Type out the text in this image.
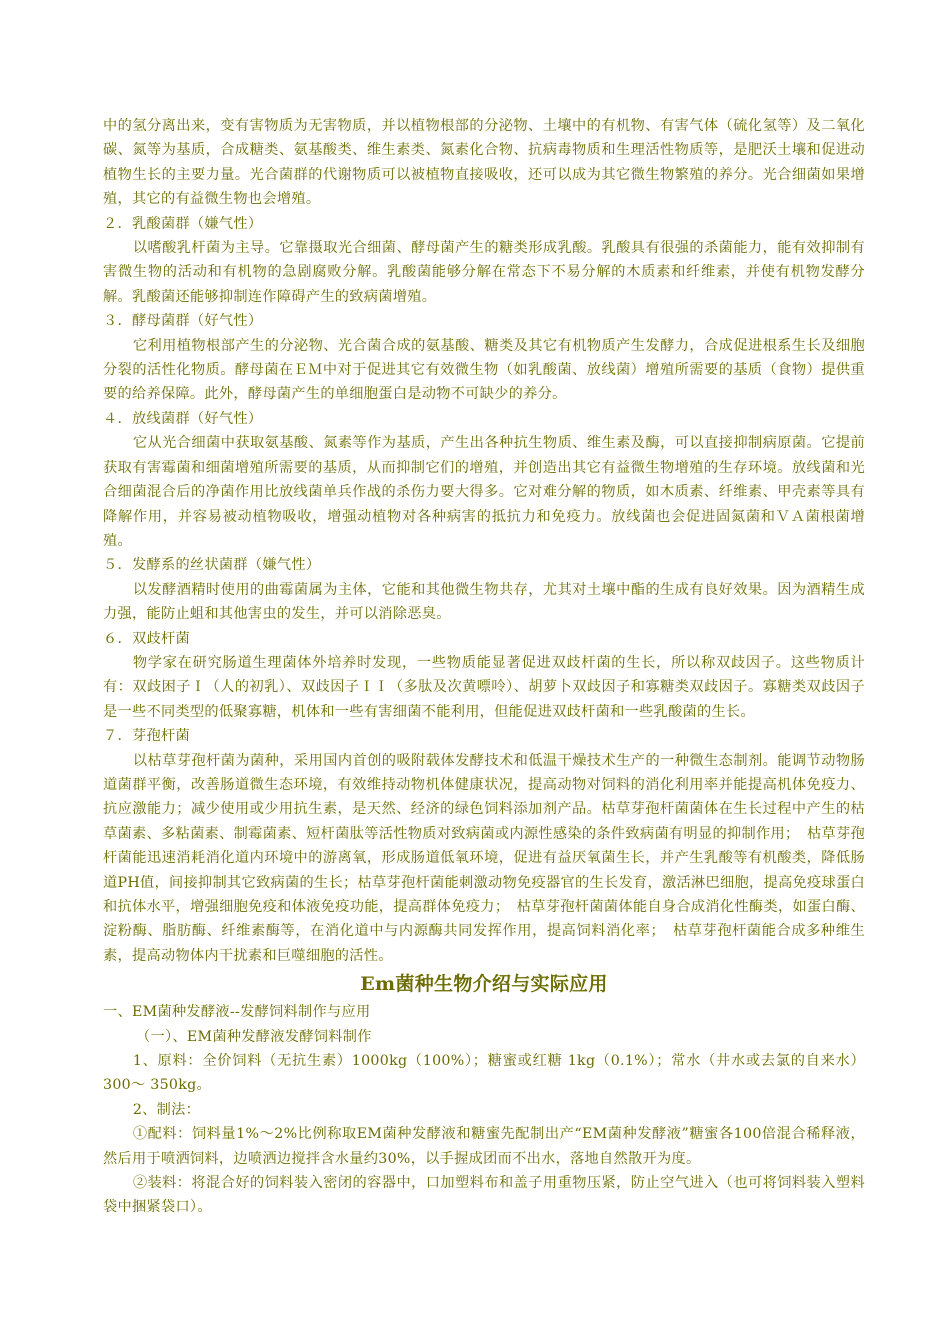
中的氢分离出来，变有害物质为无害物质，并以植物根部的分泌物、土壤中的有机物、有害气体（硫化氢等）及二氧化碳、氮等为基质，合成糖类、氨基酸类、维生素类、氮素化合物、抗病毒物质和生理活性物质等，是肥沃土壤和促进动植物生长的主要力量。光合菌群的代谢物质可以被植物直接吸收，还可以成为其它微生物繁殖的养分。光合细菌如果增殖，其它的有益微生物也会增殖。

２．乳酸菌群（嫌气性）

以嗜酸乳杆菌为主导。它靠摄取光合细菌、酵母菌产生的糖类形成乳酸。乳酸具有很强的杀菌能力，能有效抑制有害微生物的活动和有机物的急剧腐败分解。乳酸菌能够分解在常态下不易分解的木质素和纤维素，并使有机物发酵分解。乳酸菌还能够抑制连作障碍产生的致病菌增殖。

３．酵母菌群（好气性）

它利用植物根部产生的分泌物、光合菌合成的氨基酸、糖类及其它有机物质产生发酵力，合成促进根系生长及细胞分裂的活性化物质。酵母菌在ＥＭ中对于促进其它有效微生物（如乳酸菌、放线菌）增殖所需要的基质（食物）提供重要的给养保障。此外，酵母菌产生的单细胞蛋白是动物不可缺少的养分。

４．放线菌群（好气性）

它从光合细菌中获取氨基酸、氮素等作为基质，产生出各种抗生物质、维生素及酶，可以直接抑制病原菌。它提前获取有害霉菌和细菌增殖所需要的基质，从而抑制它们的增殖，并创造出其它有益微生物增殖的生存环境。放线菌和光合细菌混合后的净菌作用比放线菌单兵作战的杀伤力要大得多。它对难分解的物质，如木质素、纤维素、甲壳素等具有降解作用，并容易被动植物吸收，增强动植物对各种病害的抵抗力和免疫力。放线菌也会促进固氮菌和ＶＡ菌根菌增殖。

５．发酵系的丝状菌群（嫌气性）

以发酵酒精时使用的曲霉菌属为主体，它能和其他微生物共存，尤其对土壤中酯的生成有良好效果。因为酒精生成力强，能防止蛆和其他害虫的发生，并可以消除恶臭。

６．双歧杆菌

物学家在研究肠道生理菌体外培养时发现，一些物质能显著促进双歧杆菌的生长，所以称双歧因子。这些物质计有：双歧困子Ｉ（人的初乳）、双歧因子ＩＩ（多肽及次黄嘌呤）、胡萝卜双歧因子和寡糖类双歧因子。寡糖类双歧因子是一些不同类型的低聚寡糖，机体和一些有害细菌不能利用，但能促进双歧杆菌和一些乳酸菌的生长。

７．芽孢杆菌

以枯草芽孢杆菌为菌种，采用国内首创的吸附载体发酵技术和低温干燥技术生产的一种微生态制剂。能调节动物肠道菌群平衡，改善肠道微生态环境，有效维持动物机体健康状况，提高动物对饲料的消化利用率并能提高机体免疫力、抗应激能力；减少使用或少用抗生素，是天然、经济的绿色饲料添加剂产品。枯草芽孢杆菌菌体在生长过程中产生的枯草菌素、多粘菌素、制霉菌素、短杆菌肽等活性物质对致病菌或内源性感染的条件致病菌有明显的抑制作用；　枯草芽孢杆菌能迅速消耗消化道内环境中的游离氧，形成肠道低氧环境，促进有益厌氧菌生长，并产生乳酸等有机酸类，降低肠道PH值，间接抑制其它致病菌的生长；枯草芽孢杆菌能刺激动物免疫器官的生长发育，激活淋巴细胞，提高免疫球蛋白和抗体水平，增强细胞免疫和体液免疫功能，提高群体免疫力；　枯草芽孢杆菌菌体能自身合成消化性酶类，如蛋白酶、淀粉酶、脂肪酶、纤维素酶等，在消化道中与内源酶共同发挥作用，提高饲料消化率；　枯草芽孢杆菌能合成多种维生素，提高动物体内干扰素和巨噬细胞的活性。

Em菌种生物介绍与实际应用

一、EM菌种发酵液--发酵饲料制作与应用

（一）、EM菌种发酵液发酵饲料制作

1、原料：全价饲料（无抗生素）1000kg（100%）；糖蜜或红糖 1kg（0.1%）；常水（井水或去氯的自来水）300～ 350kg。

2、制法：

①配料：饲料量1%～2%比例称取EM菌种发酵液和糖蜜先配制出产“EM菌种发酵液”糖蜜各100倍混合稀释液，然后用于喷洒饲料，边喷洒边搅拌含水量约30%，以手握成团而不出水，落地自然散开为度。

②装料：将混合好的饲料装入密闭的容器中，口加塑料布和盖子用重物压紧，防止空气进入（也可将饲料装入塑料袋中捆紧袋口）。
